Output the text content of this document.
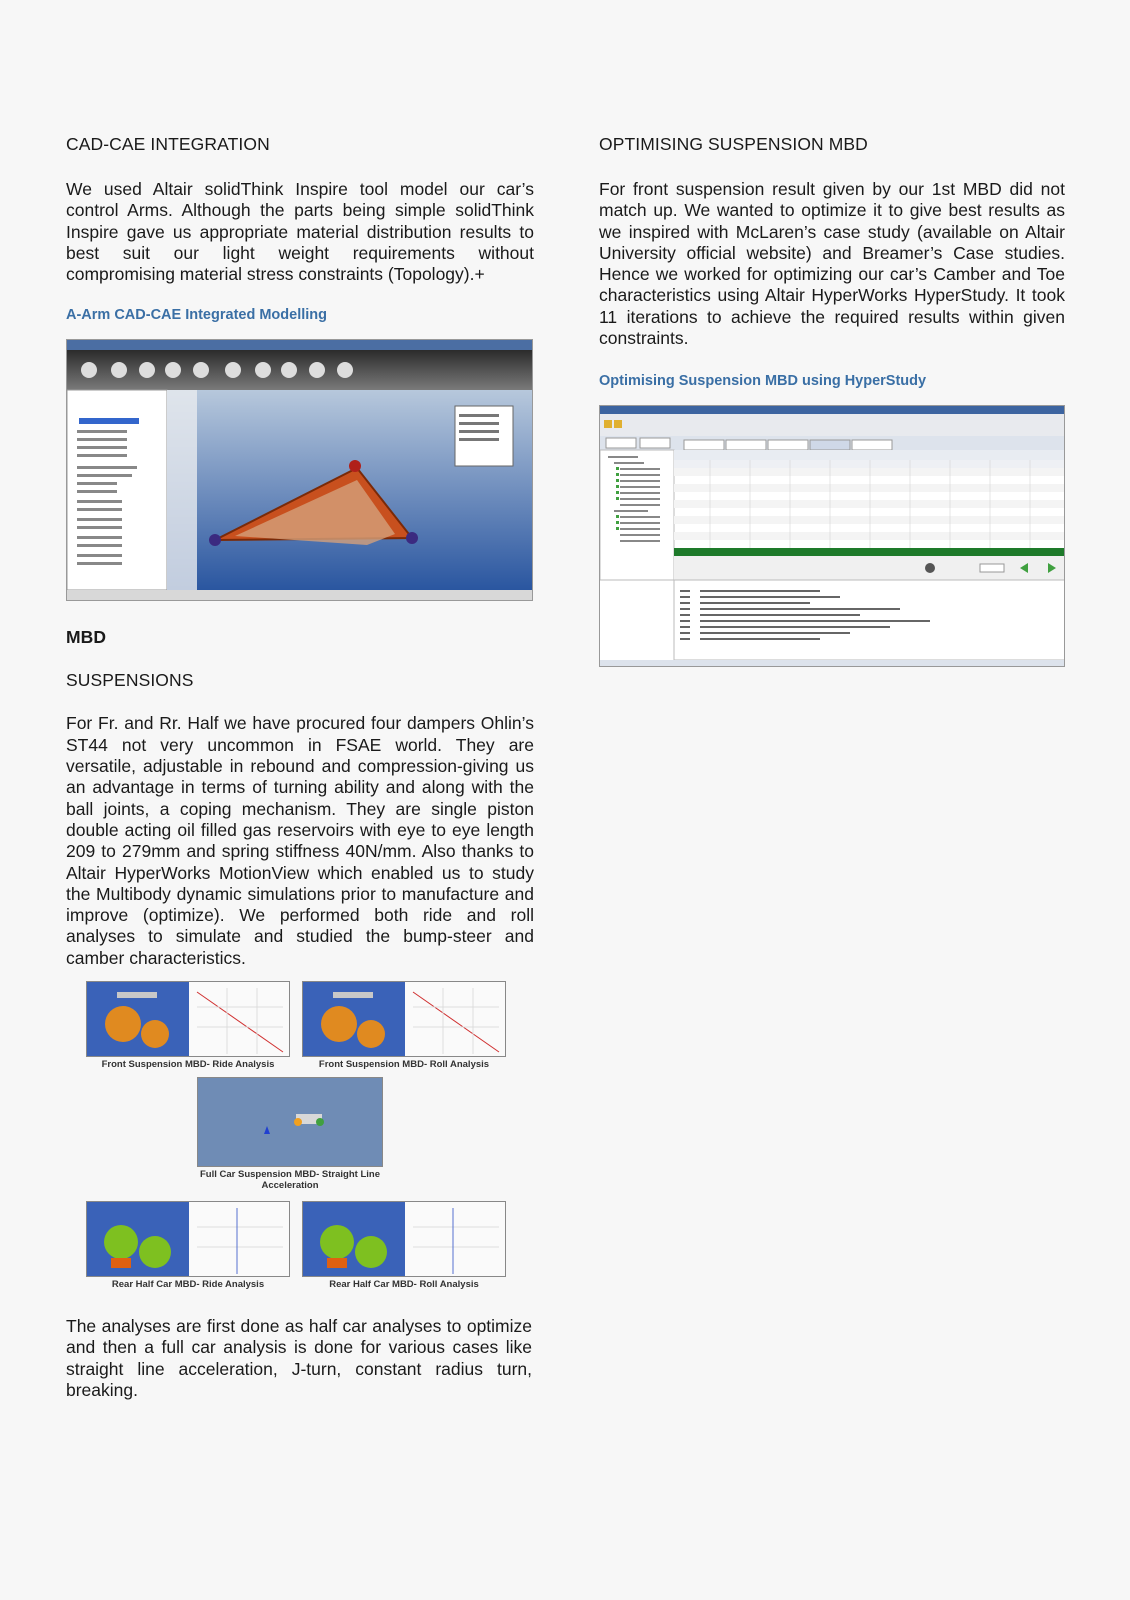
CAD-CAE INTEGRATION

We used Altair solidThink Inspire tool model our car’s control Arms. Although the parts being simple solidThink Inspire gave us appropriate material distribution results to best suit our light weight requirements without compromising material stress constraints (Topology).+

A-Arm CAD-CAE Integrated Modelling

MBD
SUSPENSIONS

For Fr. and Rr. Half we have procured four dampers Ohlin’s ST44 not very uncommon in FSAE world. They are versatile, adjustable in rebound and compression-giving us an advantage in terms of turning ability and along with the ball joints, a coping mechanism. They are single piston double acting oil filled gas reservoirs with eye to eye length 209 to 279mm and spring stiffness 40N/mm. Also thanks to Altair HyperWorks MotionView which enabled us to study the Multibody dynamic simulations prior to manufacture and improve (optimize). We performed both ride and roll analyses to simulate and studied the bump-steer and camber characteristics.

Front Suspension MBD- Ride Analysis	Front Suspension MBD- Roll Analysis
Full Car Suspension MBD- Straight Line Acceleration
Rear Half Car MBD- Ride Analysis	Rear Half Car MBD- Roll Analysis

The analyses are first done as half car analyses to optimize and then a full car analysis is done for various cases like straight line acceleration, J-turn, constant radius turn, breaking.

OPTIMISING SUSPENSION MBD

For front suspension result given by our 1st MBD did not match up. We wanted to optimize it to give best results as we inspired with McLaren’s case study (available on Altair University official website) and Breamer’s Case studies. Hence we worked for optimizing our car’s Camber and Toe characteristics using Altair HyperWorks HyperStudy. It took 11 iterations to achieve the required results within given constraints.

Optimising Suspension MBD using HyperStudy
